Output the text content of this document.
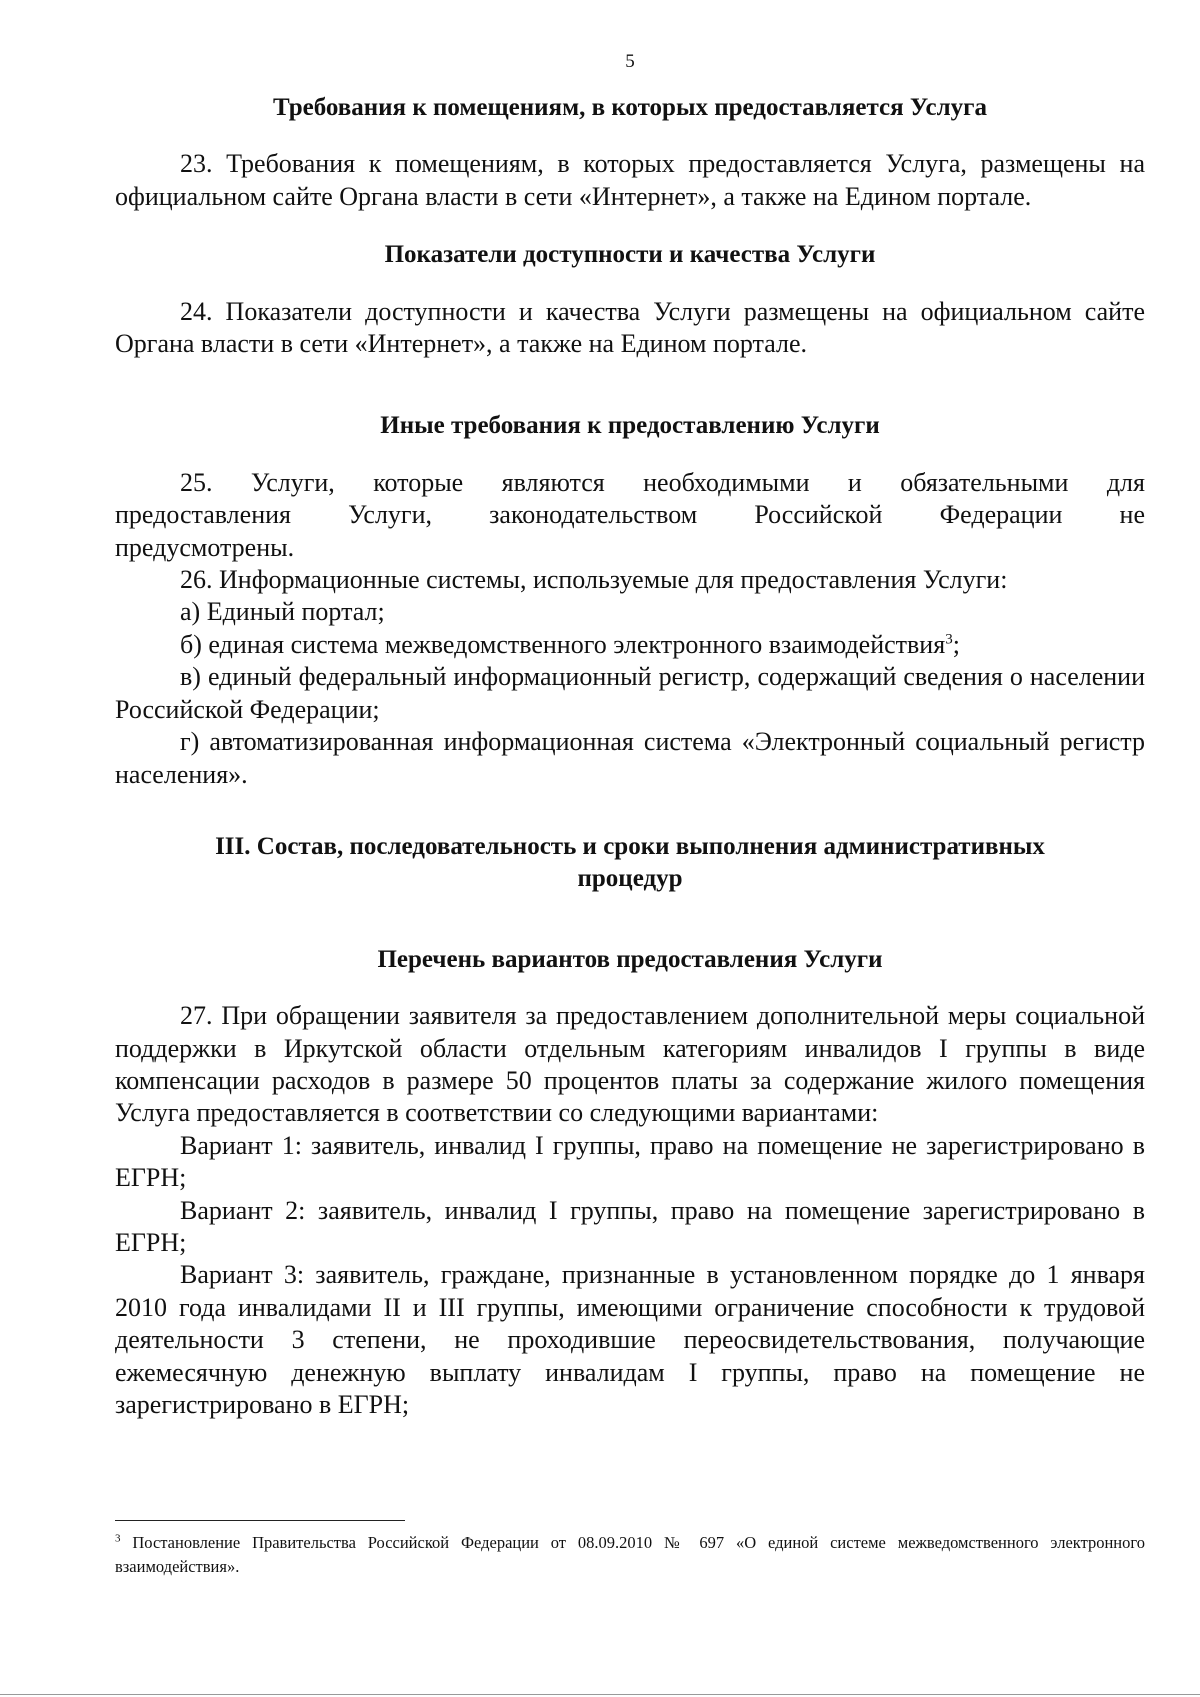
5
Требования к помещениям, в которых предоставляется Услуга

23. Требования к помещениям, в которых предоставляется Услуга, размещены на официальном сайте Органа власти в сети «Интернет», а также на Едином портале.

Показатели доступности и качества Услуги

24. Показатели доступности и качества Услуги размещены на официальном сайте Органа власти в сети «Интернет», а также на Едином портале.

Иные требования к предоставлению Услуги

25. Услуги, которые являются необходимыми и обязательными для предоставления Услуги, законодательством Российской Федерации не предусмотрены.

26. Информационные системы, используемые для предоставления Услуги:

а) Единый портал;

б) единая система межведомственного электронного взаимодействия$^3$;

в) единый федеральный информационный регистр, содержащий сведения о населении Российской Федерации;

г) автоматизированная информационная система «Электронный социальный регистр населения».

III. Состав, последовательность и сроки выполнения административных
процедур
Перечень вариантов предоставления Услуги

27. При обращении заявителя за предоставлением дополнительной меры социальной поддержки в Иркутской области отдельным категориям инвалидов I группы в виде компенсации расходов в размере 50 процентов платы за содержание жилого помещения Услуга предоставляется в соответствии со следующими вариантами:

Вариант 1: заявитель, инвалид I группы, право на помещение не зарегистрировано в ЕГРН;

Вариант 2: заявитель, инвалид I группы, право на помещение зарегистрировано в ЕГРН;

Вариант 3: заявитель, граждане, признанные в установленном порядке до 1 января 2010 года инвалидами II и III группы, имеющими ограничение способности к трудовой деятельности 3 степени, не проходившие переосвидетельствования, получающие ежемесячную денежную выплату инвалидам I группы, право на помещение не зарегистрировано в ЕГРН;

$^3$ Постановление Правительства Российской Федерации от 08.09.2010 № 697 «О единой системе межведомственного электронного взаимодействия».
